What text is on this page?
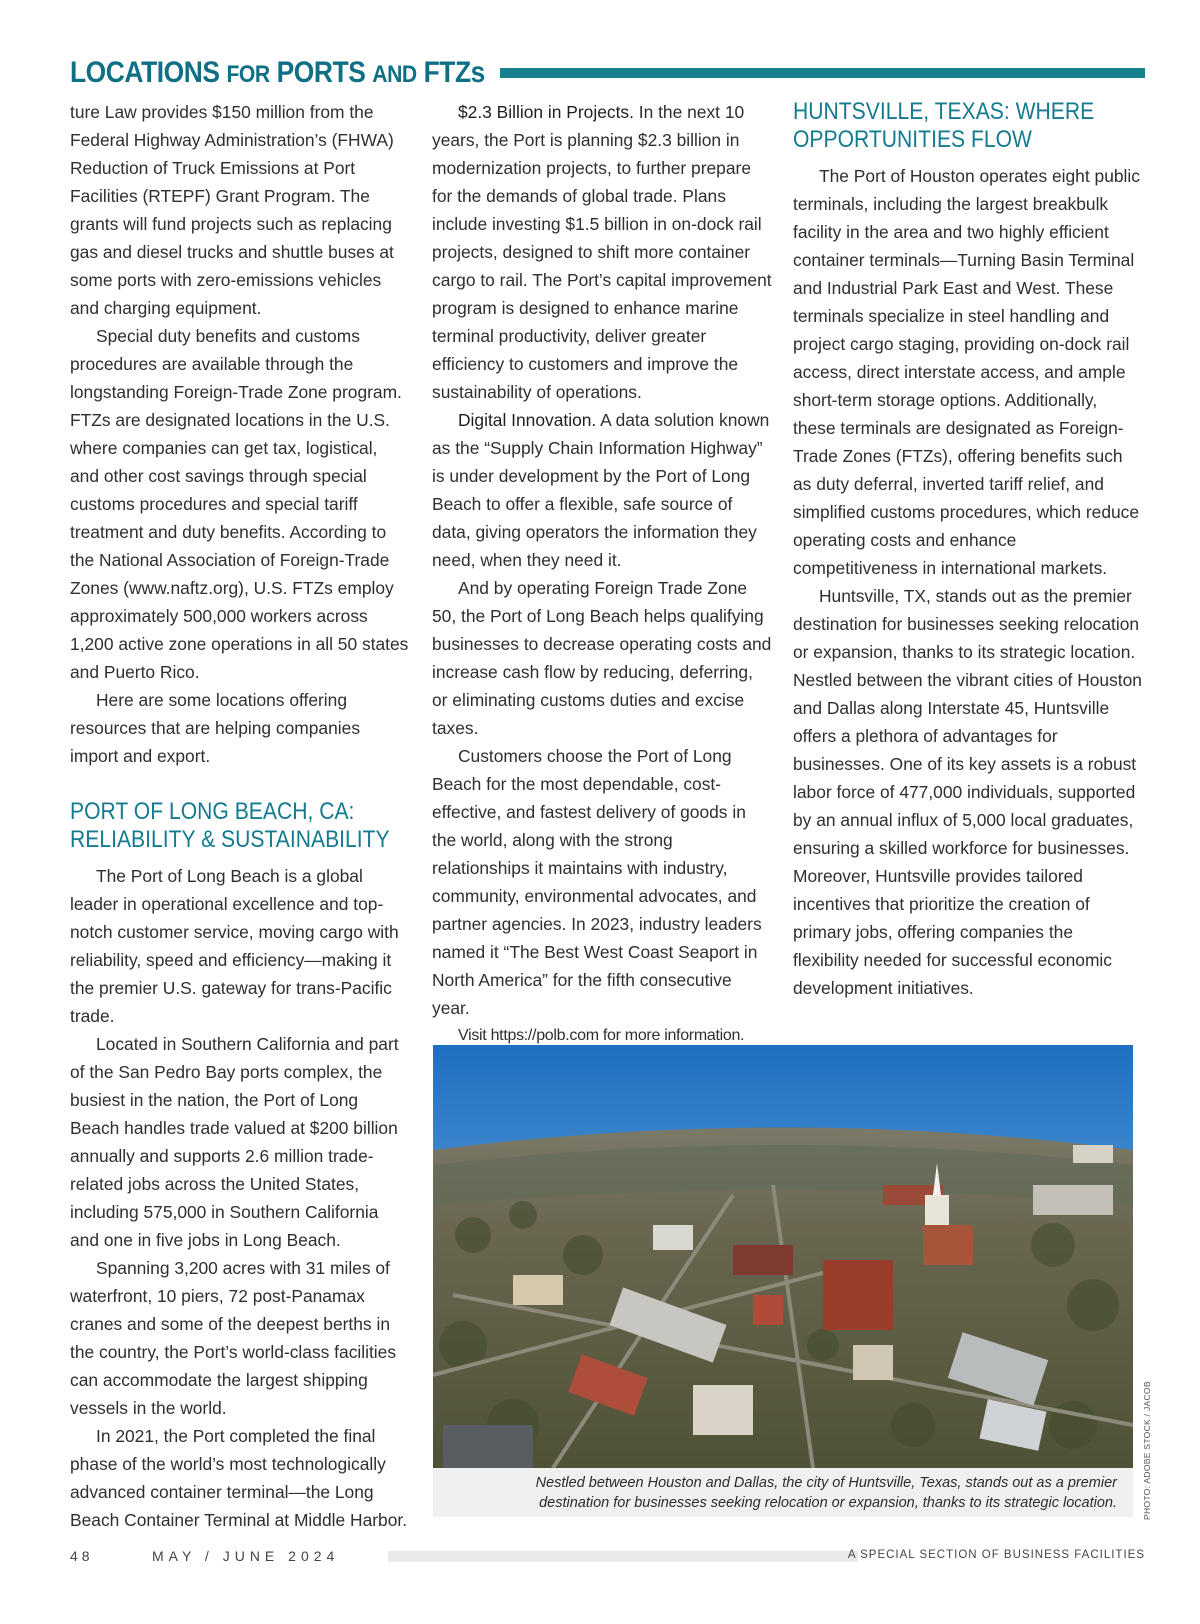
LOCATIONS FOR PORTS AND FTZs

ture Law provides $150 million from the Federal Highway Administration’s (FHWA) Reduction of Truck Emissions at Port Facilities (RTEPF) Grant Program. The grants will fund projects such as replacing gas and diesel trucks and shuttle buses at some ports with zero-emissions vehicles and charging equipment.

Special duty benefits and customs procedures are available through the longstanding Foreign-Trade Zone program. FTZs are designated locations in the U.S. where companies can get tax, logistical, and other cost savings through special customs procedures and special tariff treatment and duty benefits. According to the National Association of Foreign-Trade Zones (www.naftz.org), U.S. FTZs employ approximately 500,000 workers across 1,200 active zone operations in all 50 states and Puerto Rico.

Here are some locations offering resources that are helping companies import and export.

PORT OF LONG BEACH, CA:
RELIABILITY & SUSTAINABILITY

The Port of Long Beach is a global leader in operational excellence and top-notch customer service, moving cargo with reliability, speed and efficiency—making it the premier U.S. gateway for trans-Pacific trade.

Located in Southern California and part of the San Pedro Bay ports complex, the busiest in the nation, the Port of Long Beach handles trade valued at $200 billion annually and supports 2.6 million trade-related jobs across the United States, including 575,000 in Southern California and one in five jobs in Long Beach.

Spanning 3,200 acres with 31 miles of waterfront, 10 piers, 72 post-Panamax cranes and some of the deepest berths in the country, the Port’s world-class facilities can accommodate the largest shipping vessels in the world.

In 2021, the Port completed the final phase of the world’s most technologically advanced container terminal—the Long Beach Container Terminal at Middle Harbor.

$2.3 Billion in Projects. In the next 10 years, the Port is planning $2.3 billion in modernization projects, to further prepare for the demands of global trade. Plans include investing $1.5 billion in on-dock rail projects, designed to shift more container cargo to rail. The Port’s capital improvement program is designed to enhance marine terminal productivity, deliver greater efficiency to customers and improve the sustainability of operations.

Digital Innovation. A data solution known as the “Supply Chain Information Highway” is under development by the Port of Long Beach to offer a flexible, safe source of data, giving operators the information they need, when they need it.

And by operating Foreign Trade Zone 50, the Port of Long Beach helps qualifying businesses to decrease operating costs and increase cash flow by reducing, deferring, or eliminating customs duties and excise taxes.

Customers choose the Port of Long Beach for the most dependable, cost-effective, and fastest delivery of goods in the world, along with the strong relationships it maintains with industry, community, environmental advocates, and partner agencies. In 2023, industry leaders named it “The Best West Coast Seaport in North America” for the fifth consecutive year.

Visit https://polb.com for more information.

HUNTSVILLE, TEXAS: WHERE
OPPORTUNITIES FLOW

The Port of Houston operates eight public terminals, including the largest breakbulk facility in the area and two highly efficient container terminals—Turning Basin Terminal and Industrial Park East and West. These terminals specialize in steel handling and project cargo staging, providing on-dock rail access, direct interstate access, and ample short-term storage options. Additionally, these terminals are designated as Foreign-Trade Zones (FTZs), offering benefits such as duty deferral, inverted tariff relief, and simplified customs procedures, which reduce operating costs and enhance competitiveness in international markets.

Huntsville, TX, stands out as the premier destination for businesses seeking relocation or expansion, thanks to its strategic location. Nestled between the vibrant cities of Houston and Dallas along Interstate 45, Huntsville offers a plethora of advantages for businesses. One of its key assets is a robust labor force of 477,000 individuals, supported by an annual influx of 5,000 local graduates, ensuring a skilled workforce for businesses. Moreover, Huntsville provides tailored incentives that prioritize the creation of primary jobs, offering companies the flexibility needed for successful economic development initiatives.

Nestled between Houston and Dallas, the city of Huntsville, Texas, stands out as a premier
destination for businesses seeking relocation or expansion, thanks to its strategic location.	PHOTO: ADOBE STOCK / JACOB
48	MAY / JUNE 2024	A SPECIAL SECTION OF BUSINESS FACILITIES
